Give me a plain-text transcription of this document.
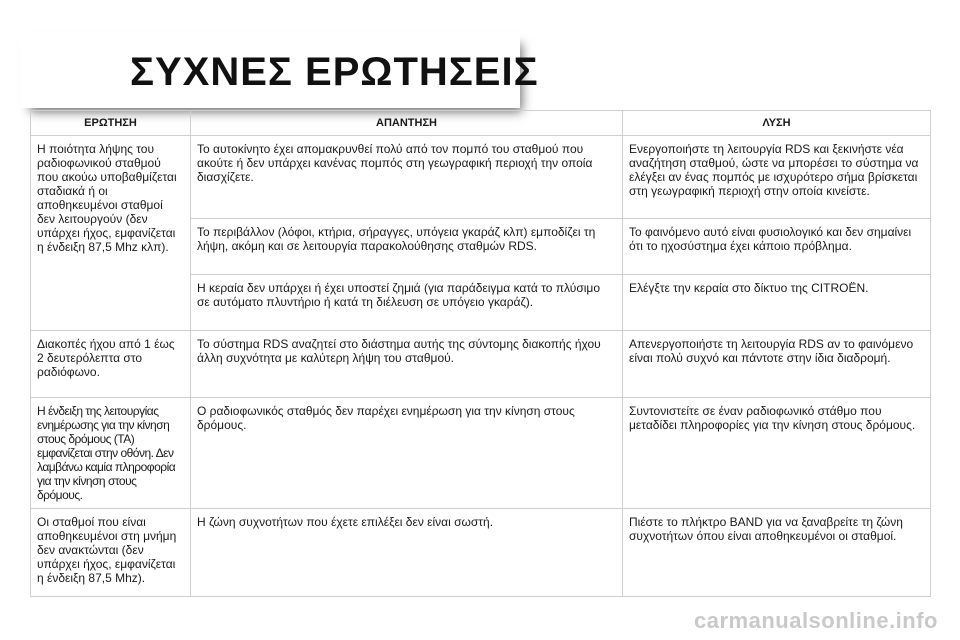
ΣΥΧΝΕΣ ΕΡΩΤΗΣΕΙΣ
ΕΡΩΤΗΣΗ	ΑΠΑΝΤΗΣΗ	ΛΥΣΗ
Η ποιότητα λήψης του ραδιοφωνικού σταθμού που ακούω υποβαθμίζεται σταδιακά ή οι αποθηκευμένοι σταθμοί δεν λειτουργούν (δεν υπάρχει ήχος, εμφανίζεται η ένδειξη 87,5 Mhz κλπ).	Το αυτοκίνητο έχει απομακρυνθεί πολύ από τον πομπό του σταθμού που ακούτε ή δεν υπάρχει κανένας πομπός στη γεωγραφική περιοχή την οποία διασχίζετε.	Ενεργοποιήστε τη λειτουργία RDS και ξεκινήστε νέα αναζήτηση σταθμού, ώστε να μπορέσει το σύστημα να ελέγξει αν ένας πομπός με ισχυρότερο σήμα βρίσκεται στη γεωγραφική περιοχή στην οποία κινείστε.
	Το περιβάλλον (λόφοι, κτήρια, σήραγγες, υπόγεια γκαράζ κλπ) εμποδίζει τη λήψη, ακόμη και σε λειτουργία παρακολούθησης σταθμών RDS.	Το φαινόμενο αυτό είναι φυσιολογικό και δεν σημαίνει ότι το ηχοσύστημα έχει κάποιο πρόβλημα.
	Η κεραία δεν υπάρχει ή έχει υποστεί ζημιά (για παράδειγμα κατά το πλύσιμο σε αυτόματο πλυντήριο ή κατά τη διέλευση σε υπόγειο γκαράζ).	Ελέγξτε την κεραία στο δίκτυο της CITROËN.
Διακοπές ήχου από 1 έως 2 δευτερόλεπτα στο ραδιόφωνο.	Το σύστημα RDS αναζητεί στο διάστημα αυτής της σύντομης διακοπής ήχου άλλη συχνότητα με καλύτερη λήψη του σταθμού.	Απενεργοποιήστε τη λειτουργία RDS αν το φαινόμενο είναι πολύ συχνό και πάντοτε στην ίδια διαδρομή.
Η ένδειξη της λειτουργίας ενημέρωσης για την κίνηση στους δρόμους (TA) εμφανίζεται στην οθόνη. Δεν λαμβάνω καμία πληροφορία για την κίνηση στους δρόμους.	Ο ραδιοφωνικός σταθμός δεν παρέχει ενημέρωση για την κίνηση στους δρόμους.	Συντονιστείτε σε έναν ραδιοφωνικό στάθμο που μεταδίδει πληροφορίες για την κίνηση στους δρόμους.
Οι σταθμοί που είναι αποθηκευμένοι στη μνήμη δεν ανακτώνται (δεν υπάρχει ήχος, εμφανίζεται η ένδειξη 87,5 Mhz).	Η ζώνη συχνοτήτων που έχετε επιλέξει δεν είναι σωστή.	Πιέστε το πλήκτρο BAND για να ξαναβρείτε τη ζώνη συχνοτήτων όπου είναι αποθηκευμένοι οι σταθμοί.
carmanualsonline.info
